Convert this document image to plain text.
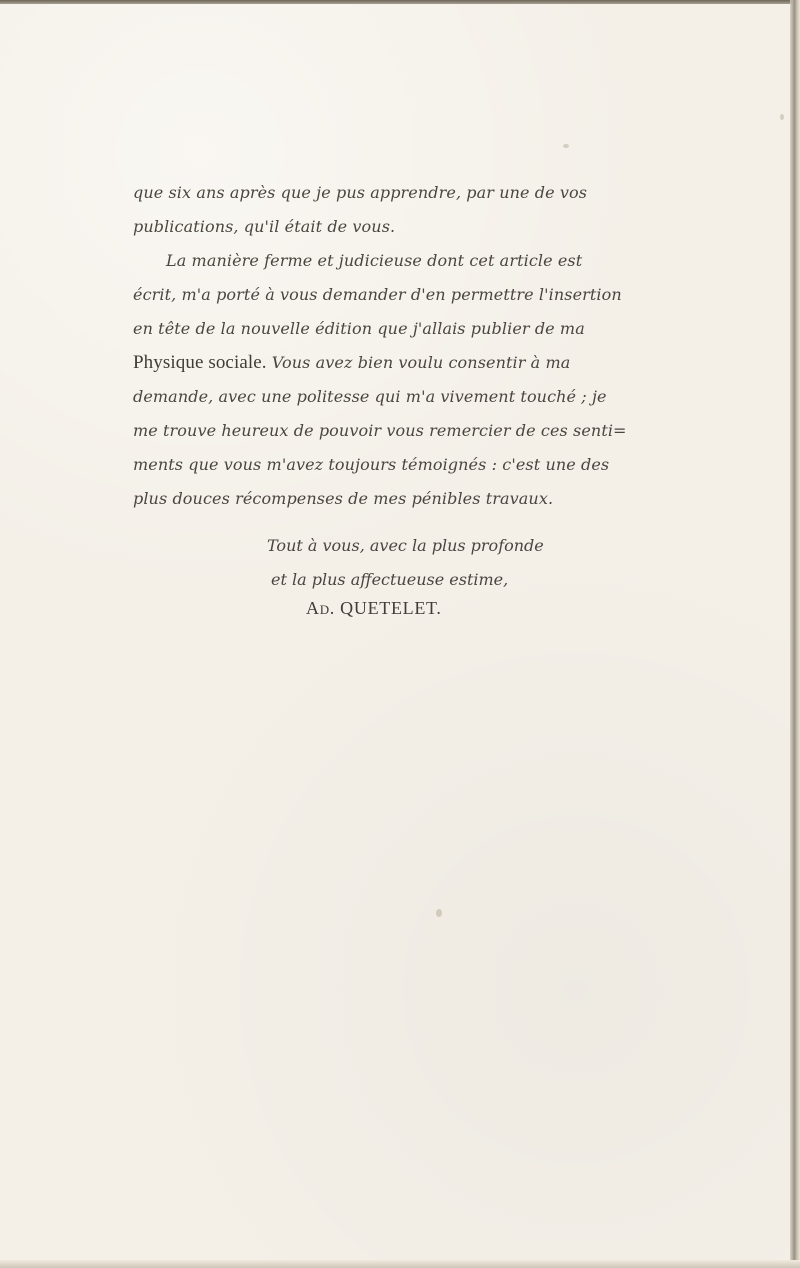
que six ans après que je pus apprendre, par une de vos
publications, qu'il était de vous.
La manière ferme et judicieuse dont cet article est
écrit, m'a porté à vous demander d'en permettre l'insertion
en tête de la nouvelle édition que j'allais publier de ma
Physique sociale. Vous avez bien voulu consentir à ma
demande, avec une politesse qui m'a vivement touché ; je
me trouve heureux de pouvoir vous remercier de ces senti=
ments que vous m'avez toujours témoignés : c'est une des
plus douces récompenses de mes pénibles travaux.
Tout à vous, avec la plus profonde
et la plus affectueuse estime,
Ad. QUETELET.
